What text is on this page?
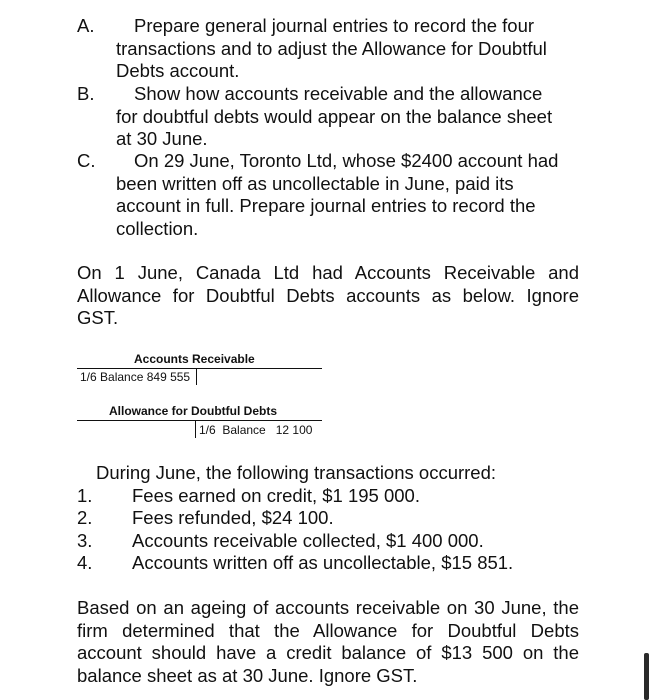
A. Prepare general journal entries to record the four
transactions and to adjust the Allowance for Doubtful
Debts account.
B. Show how accounts receivable and the allowance
for doubtful debts would appear on the balance sheet
at 30 June.
C. On 29 June, Toronto Ltd, whose $2400 account had
been written off as uncollectable in June, paid its
account in full. Prepare journal entries to record the
collection.
On 1 June, Canada Ltd had Accounts Receivable and Allowance for Doubtful Debts accounts as below. Ignore GST.
Accounts Receivable
1/6 Balance 849 555
Allowance for Doubtful Debts
1/6  Balance   12 100
During June, the following transactions occurred:
1. Fees earned on credit, $1 195 000.
2. Fees refunded, $24 100.
3. Accounts receivable collected, $1 400 000.
4. Accounts written off as uncollectable, $15 851.
Based on an ageing of accounts receivable on 30 June, the firm determined that the Allowance for Doubtful Debts account should have a credit balance of $13 500 on the balance sheet as at 30 June. Ignore GST.
